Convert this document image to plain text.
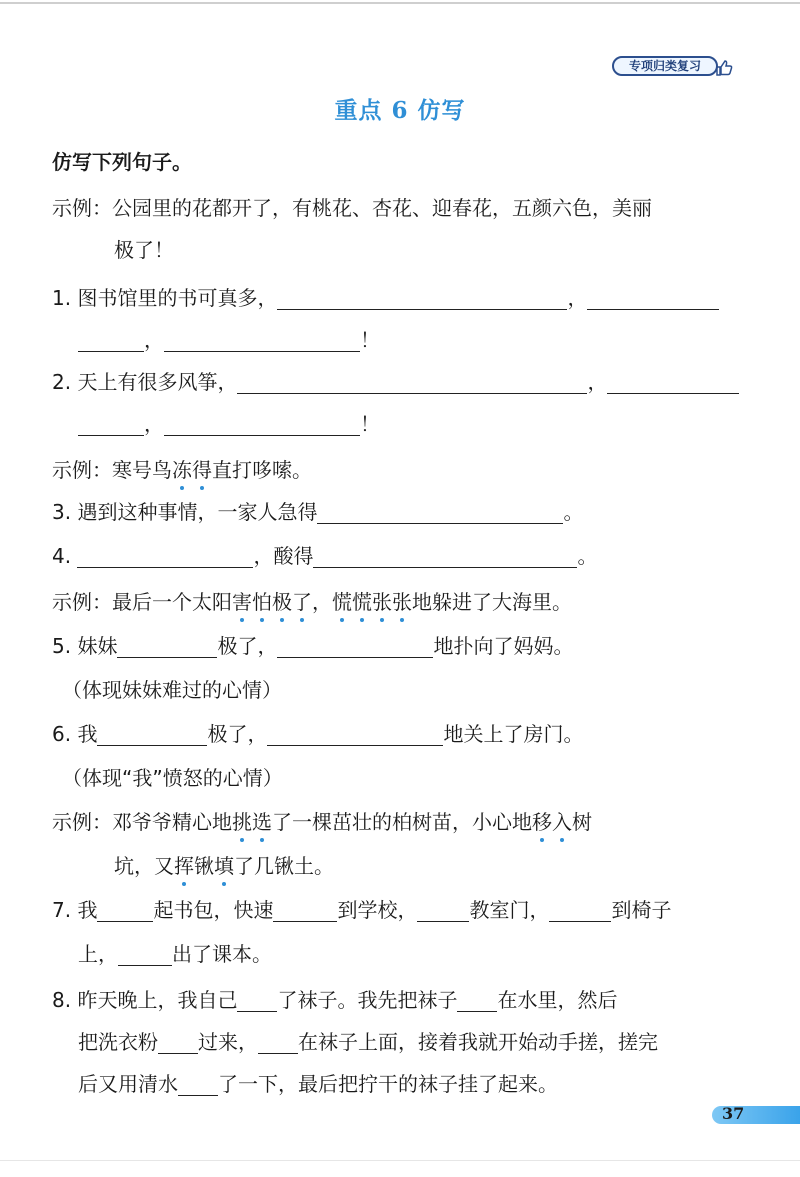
专项归类复习
重点 6 仿写
仿写下列句子。
示例：公园里的花都开了，有桃花、杏花、迎春花，五颜六色，美丽
极了！
1. 图书馆里的书可真多，	，
，	！
2. 天上有很多风筝，	，
，	！
示例：寒号鸟冻得直打哆嗦。
3. 遇到这种事情，一家人急得	。
4.	，酸得	。
示例：最后一个太阳害怕极了，慌慌张张地躲进了大海里。
5. 妹妹	极了，	地扑向了妈妈。
（体现妹妹难过的心情）
6. 我	极了，	地关上了房门。
（体现“我”愤怒的心情）
示例：邓爷爷精心地挑选了一棵茁壮的柏树苗，小心地移入树
坑，又挥锹填了几锹土。
7. 我	起书包，快速	到学校，	教室门，	到椅子
上，	出了课本。
8. 昨天晚上，我自己 了袜子。我先把袜子 在水里，然后
把洗衣粉 过来， 在袜子上面，接着我就开始动手搓，搓完
后又用清水 了一下，最后把拧干的袜子挂了起来。
37
